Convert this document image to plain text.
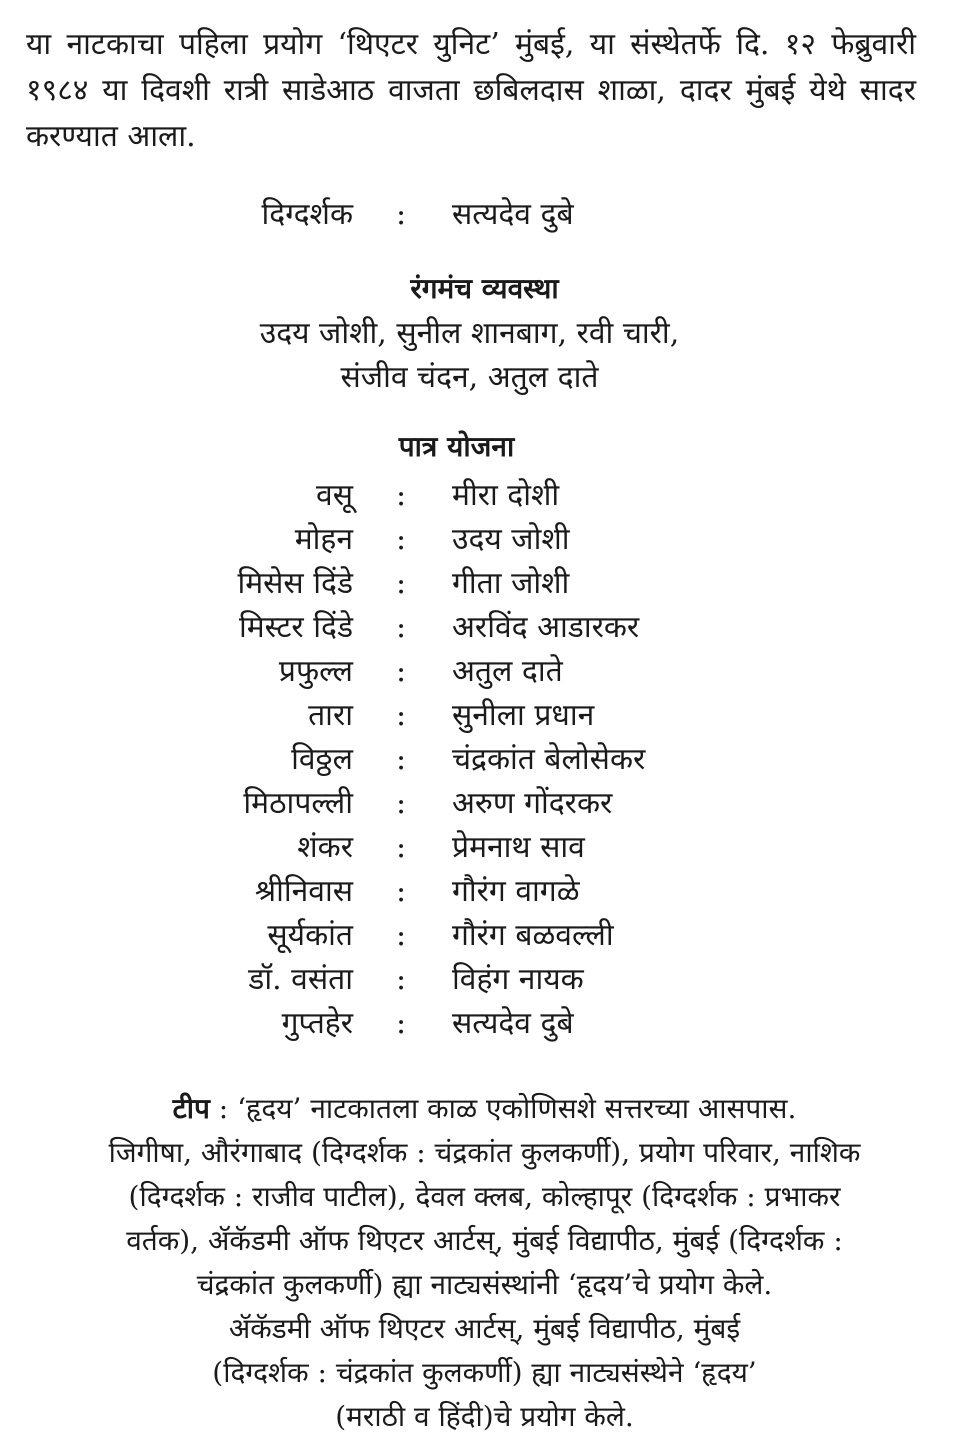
या नाटकाचा पहिला प्रयोग ‘थिएटर युनिट’ मुंबई, या संस्थेतर्फे दि. १२ फेब्रुवारी १९८४ या दिवशी रात्री साडेआठ वाजता छबिलदास शाळा, दादर मुंबई येथे सादर करण्यात आला.
दिग्दर्शक : सत्यदेव दुबे
रंगमंच व्यवस्था
उदय जोशी, सुनील शानबाग, रवी चारी,
संजीव चंदन, अतुल दाते
पात्र योजना
वसू : मीरा दोशी
मोहन : उदय जोशी
मिसेस दिंडे : गीता जोशी
मिस्टर दिंडे : अरविंद आडारकर
प्रफुल्ल : अतुल दाते
तारा : सुनीला प्रधान
विठ्ठल : चंद्रकांत बेलोसेकर
मिठापल्ली : अरुण गोंदरकर
शंकर : प्रेमनाथ साव
श्रीनिवास : गौरंग वागळे
सूर्यकांत : गौरंग बळवल्ली
डॉ. वसंता : विहंग नायक
गुप्तहेर : सत्यदेव दुबे
टीप : ‘हृदय’ नाटकातला काळ एकोणिसशे सत्तरच्या आसपास.
जिगीषा, औरंगाबाद (दिग्दर्शक : चंद्रकांत कुलकर्णी), प्रयोग परिवार, नाशिक
(दिग्दर्शक : राजीव पाटील), देवल क्लब, कोल्हापूर (दिग्दर्शक : प्रभाकर
वर्तक), ॲकॅडमी ऑफ थिएटर आर्टस्, मुंबई विद्यापीठ, मुंबई (दिग्दर्शक :
चंद्रकांत कुलकर्णी) ह्या नाट्यसंस्थांनी ‘हृदय’चे प्रयोग केले.
ॲकॅडमी ऑफ थिएटर आर्टस्, मुंबई विद्यापीठ, मुंबई
(दिग्दर्शक : चंद्रकांत कुलकर्णी) ह्या नाट्यसंस्थेने ‘हृदय’
(मराठी व हिंदी)चे प्रयोग केले.
